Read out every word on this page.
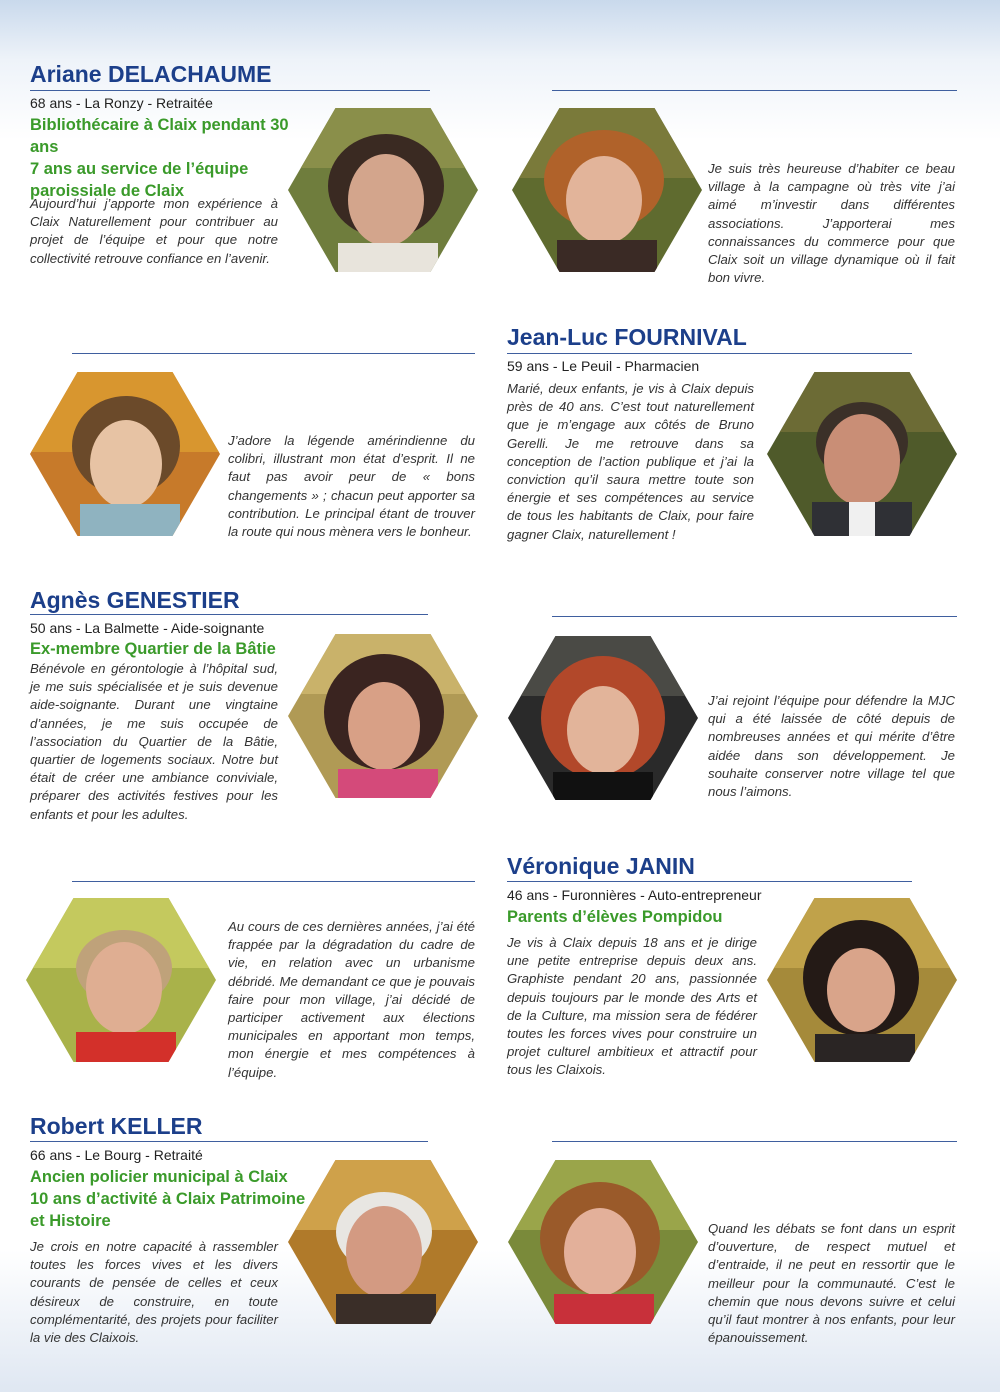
Ariane DELACHAUME
68 ans - La Ronzy - Retraitée
Bibliothécaire à Claix pendant 30 ans
7 ans au service de l’équipe
paroissiale de Claix
Aujourd’hui j’apporte mon expérience à Claix Naturellement pour contribuer au projet de l’équipe et pour que notre collectivité retrouve confiance en l’avenir.
Je suis très heureuse d’habiter ce beau village à la campagne où très vite j’ai aimé m’investir dans différentes associations. J’apporterai mes connaissances du commerce pour que Claix soit un village dynamique où il fait bon vivre.
J’adore la légende amérindienne du colibri, illustrant mon état d’esprit. Il ne faut pas avoir peur de « bons changements » ; chacun peut apporter sa contribution. Le principal étant de trouver la route qui nous mènera vers le bonheur.
Jean-Luc FOURNIVAL
59 ans - Le Peuil - Pharmacien
Marié, deux enfants, je vis à Claix depuis près de 40 ans. C’est tout naturellement que je m’engage aux côtés de Bruno Gerelli. Je me retrouve dans sa conception de l’action publique et j’ai la conviction qu’il saura mettre toute son énergie et ses compétences au service de tous les habitants de Claix, pour faire gagner Claix, naturellement !
Agnès GENESTIER
50 ans - La Balmette - Aide-soignante
Ex-membre Quartier de la Bâtie
Bénévole en gérontologie à l’hôpital sud, je me suis spécialisée et je suis devenue aide-soignante. Durant une vingtaine d’années, je me suis occupée de l’association du Quartier de la Bâtie, quartier de logements sociaux. Notre but était de créer une ambiance conviviale, préparer des activités festives pour les enfants et pour les adultes.
J’ai rejoint l’équipe pour défendre la MJC qui a été laissée de côté depuis de nombreuses années et qui mérite d’être aidée dans son développement. Je souhaite conserver notre village tel que nous l’aimons.
Au cours de ces dernières années, j’ai été frappée par la dégradation du cadre de vie, en relation avec un urbanisme débridé. Me demandant ce que je pouvais faire pour mon village, j’ai décidé de participer activement aux élections municipales en apportant mon temps, mon énergie et mes compétences à l’équipe.
Véronique JANIN
46 ans - Furonnières - Auto-entrepreneur
Parents d’élèves Pompidou
Je vis à Claix depuis 18 ans et je dirige une petite entreprise depuis deux ans. Graphiste pendant 20 ans, passionnée depuis toujours par le monde des Arts et de la Culture, ma mission sera de fédérer toutes les forces vives pour construire un projet culturel ambitieux et attractif pour tous les Claixois.
Robert KELLER
66 ans - Le Bourg - Retraité
Ancien policier municipal à Claix
10 ans d’activité à Claix Patrimoine
et Histoire
Je crois en notre capacité à rassembler toutes les forces vives et les divers courants de pensée de celles et ceux désireux de construire, en toute complémentarité, des projets pour faciliter la vie des Claixois.
Quand les débats se font dans un esprit d’ouverture, de respect mutuel et d’entraide, il ne peut en ressortir que le meilleur pour la communauté. C’est le chemin que nous devons suivre et celui qu’il faut montrer à nos enfants, pour leur épanouissement.
